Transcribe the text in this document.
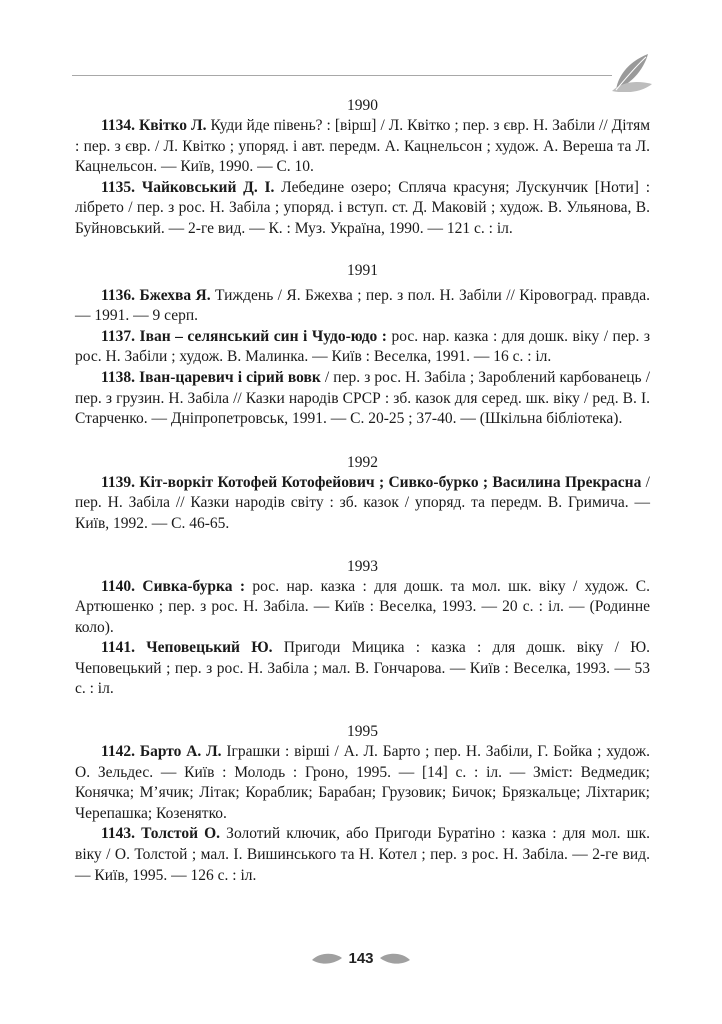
1990

1134. Квітко Л. Куди йде півень? : [вірш] / Л. Квітко ; пер. з євр. Н. Забіли // Дітям : пер. з євр. / Л. Квітко ; упоряд. і авт. передм. А. Кацнельсон ; худож. А. Вереша та Л. Кацнельсон. — Київ, 1990. — С. 10.

1135. Чайковський Д. І. Лебедине озеро; Спляча красуня; Лускунчик [Ноти] : лібрето / пер. з рос. Н. Забіла ; упоряд. і вступ. ст. Д. Маковій ; худож. В. Ульянова, В. Буйновський. — 2-ге вид. — К. : Муз. Україна, 1990. — 121 с. : іл.

1991

1136. Бжехва Я. Тиждень / Я. Бжехва ; пер. з пол. Н. Забіли // Кіровоград. правда. — 1991. — 9 серп.

1137. Іван – селянський син і Чудо-юдо : рос. нар. казка : для дошк. віку / пер. з рос. Н. Забіли ; худож. В. Малинка. — Київ : Веселка, 1991. — 16 с. : іл.

1138. Іван-царевич і сірий вовк / пер. з рос. Н. Забіла ; Зароблений карбованець / пер. з грузин. Н. Забіла // Казки народів СРСР : зб. казок для серед. шк. віку / ред. В. І. Старченко. — Дніпропетровськ, 1991. — С. 20-25 ; 37-40. — (Шкільна бібліотека).

1992

1139. Кіт-воркіт Котофей Котофейович ; Сивко-бурко ; Василина Прекрасна / пер. Н. Забіла // Казки народів світу : зб. казок / упоряд. та передм. В. Гримича. — Київ, 1992. — С. 46-65.

1993

1140. Сивка-бурка : рос. нар. казка : для дошк. та мол. шк. віку / худож. С. Артюшенко ; пер. з рос. Н. Забіла. — Київ : Веселка, 1993. — 20 с. : іл. — (Родинне коло).

1141. Чеповецький Ю. Пригоди Мицика : казка : для дошк. віку / Ю. Чеповецький ; пер. з рос. Н. Забіла ; мал. В. Гончарова. — Київ : Веселка, 1993. — 53 с. : іл.

1995

1142. Барто А. Л. Іграшки : вірші / А. Л. Барто ; пер. Н. Забіли, Г. Бойка ; худож. О. Зельдес. — Київ : Молодь : Гроно, 1995. — [14] с. : іл. — Зміст: Ведмедик; Конячка; М’ячик; Літак; Кораблик; Барабан; Грузовик; Бичок; Брязкальце; Ліхтарик; Черепашка; Козенятко.

1143. Толстой О. Золотий ключик, або Пригоди Буратіно : казка : для мол. шк. віку / О. Толстой ; мал. І. Вишинського та Н. Котел ; пер. з рос. Н. Забіла. — 2-ге вид. — Київ, 1995. — 126 с. : іл.

143
